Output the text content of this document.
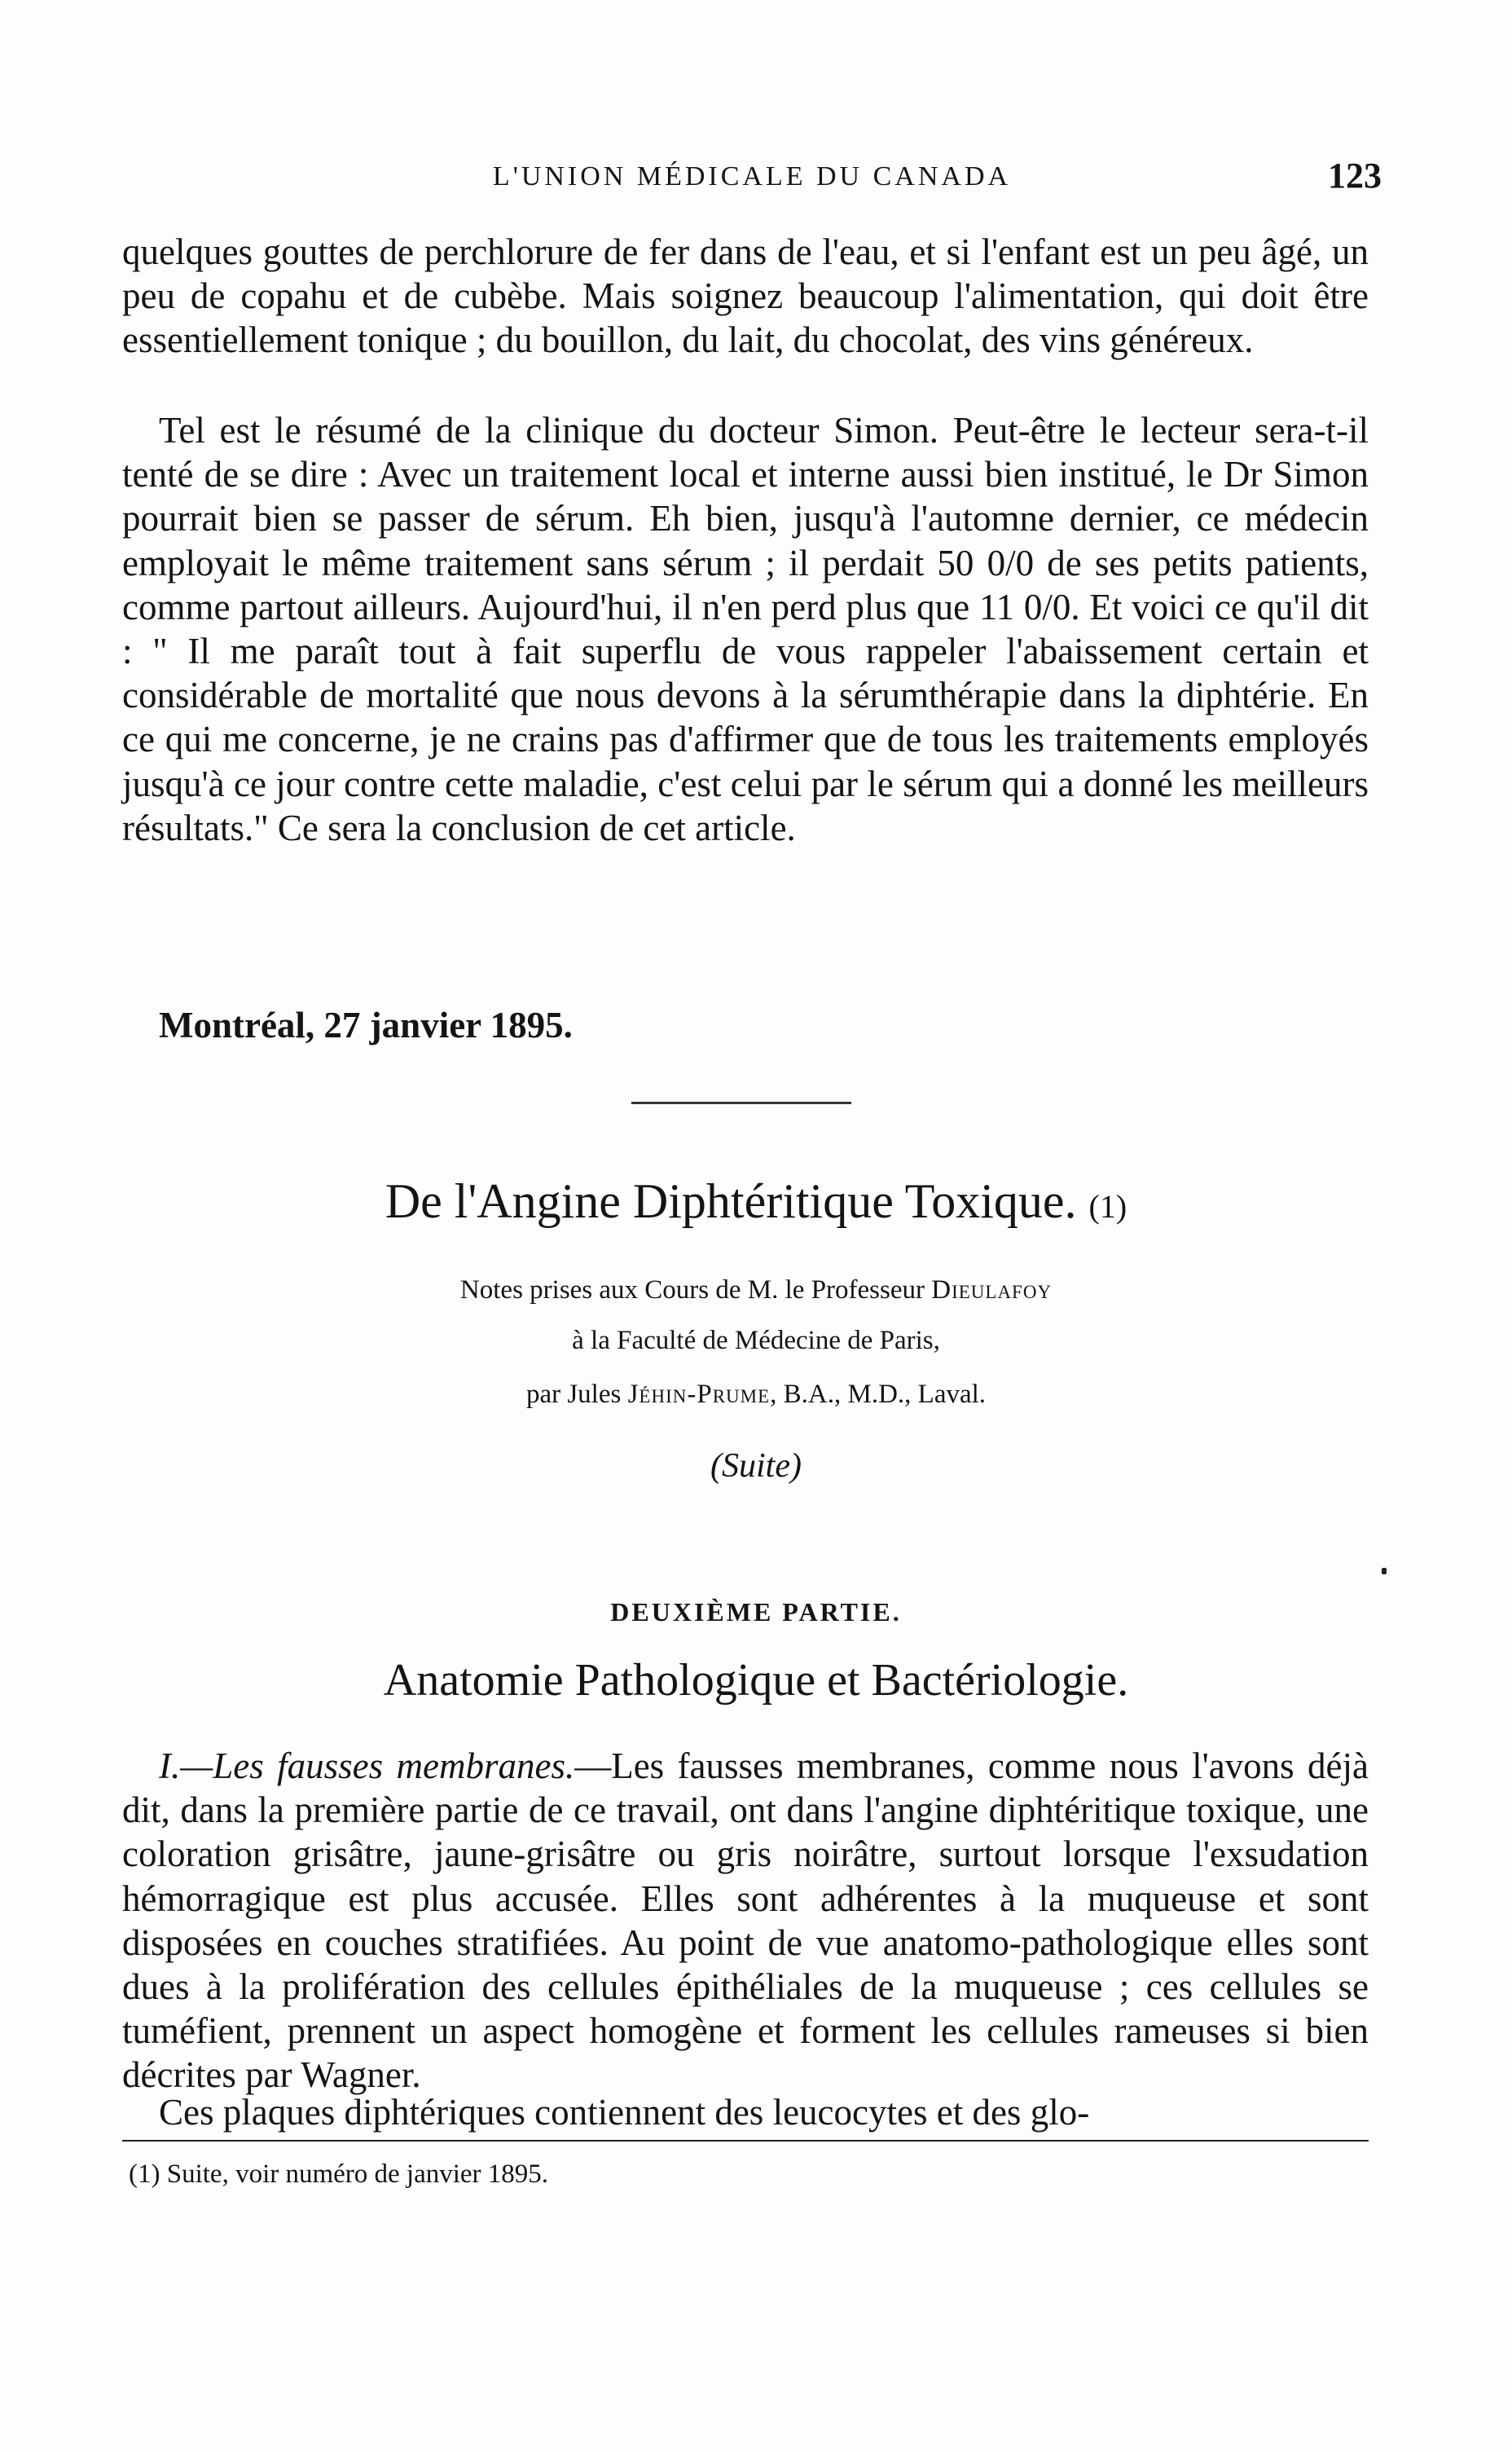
L'UNION MÉDICALE DU CANADA	123

quelques gouttes de perchlorure de fer dans de l'eau, et si l'enfant est un peu âgé, un peu de copahu et de cubèbe. Mais soignez beaucoup l'alimentation, qui doit être essentiellement tonique ; du bouillon, du lait, du chocolat, des vins généreux.

Tel est le résumé de la clinique du docteur Simon. Peut-être le lecteur sera-t-il tenté de se dire : Avec un traitement local et interne aussi bien institué, le Dr Simon pourrait bien se passer de sérum. Eh bien, jusqu'à l'automne dernier, ce médecin employait le même traitement sans sérum ; il perdait 50 0/0 de ses petits patients, comme partout ailleurs. Aujourd'hui, il n'en perd plus que 11 0/0. Et voici ce qu'il dit : " Il me paraît tout à fait superflu de vous rappeler l'abaissement certain et considérable de mortalité que nous devons à la sérumthérapie dans la diphtérie. En ce qui me concerne, je ne crains pas d'affirmer que de tous les traitements employés jusqu'à ce jour contre cette maladie, c'est celui par le sérum qui a donné les meilleurs résultats." Ce sera la conclusion de cet article.

Montréal, 27 janvier 1895.

De l'Angine Diphtéritique Toxique. (1)

Notes prises aux Cours de M. le Professeur Dieulafoy

à la Faculté de Médecine de Paris,

par Jules Jéhin-Prume, B.A., M.D., Laval.

(Suite)

DEUXIÈME PARTIE.

Anatomie Pathologique et Bactériologie.

I.—Les fausses membranes.—Les fausses membranes, comme nous l'avons déjà dit, dans la première partie de ce travail, ont dans l'angine diphtéritique toxique, une coloration grisâtre, jaune-grisâtre ou gris noirâtre, surtout lorsque l'exsudation hémorragique est plus accusée. Elles sont adhérentes à la muqueuse et sont disposées en couches stratifiées. Au point de vue anatomo-pathologique elles sont dues à la prolifération des cellules épithéliales de la muqueuse ; ces cellules se tuméfient, prennent un aspect homogène et forment les cellules rameuses si bien décrites par Wagner.

Ces plaques diphtériques contiennent des leucocytes et des glo-

(1) Suite, voir numéro de janvier 1895.
